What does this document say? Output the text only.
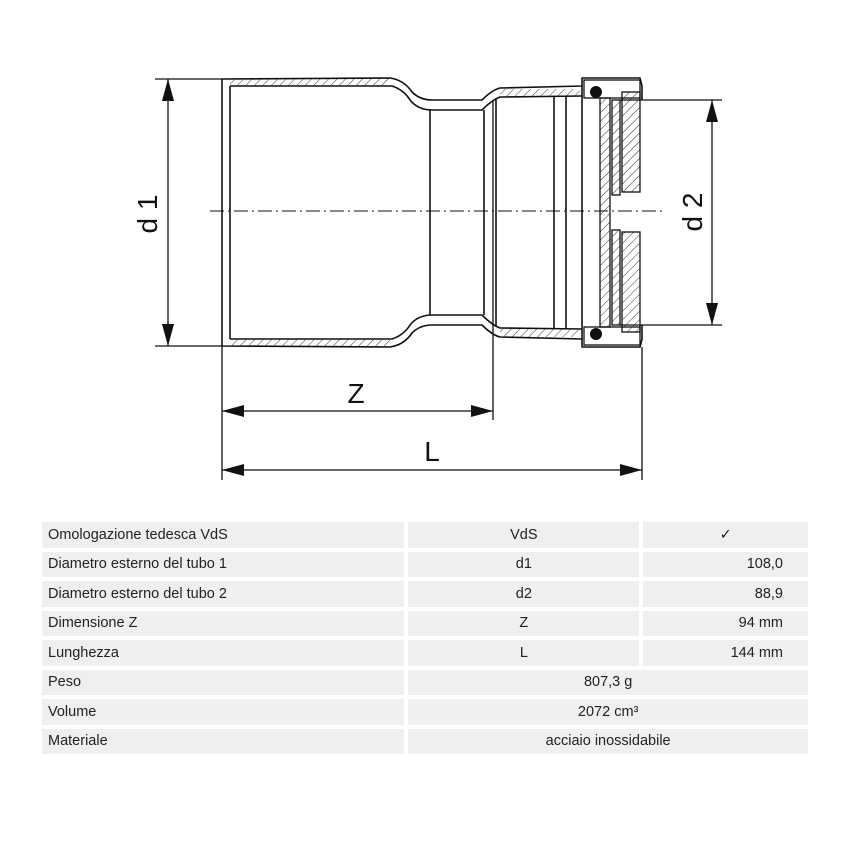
d 1	d 2
Z
L
Omologazione tedesca VdS	VdS	✓
Diametro esterno del tubo 1	d1	108,0
Diametro esterno del tubo 2	d2	88,9
Dimensione Z	Z	94 mm
Lunghezza	L	144 mm
Peso	807,3 g	
Volume	2072 cm³	
Materiale	acciaio inossidabile	
